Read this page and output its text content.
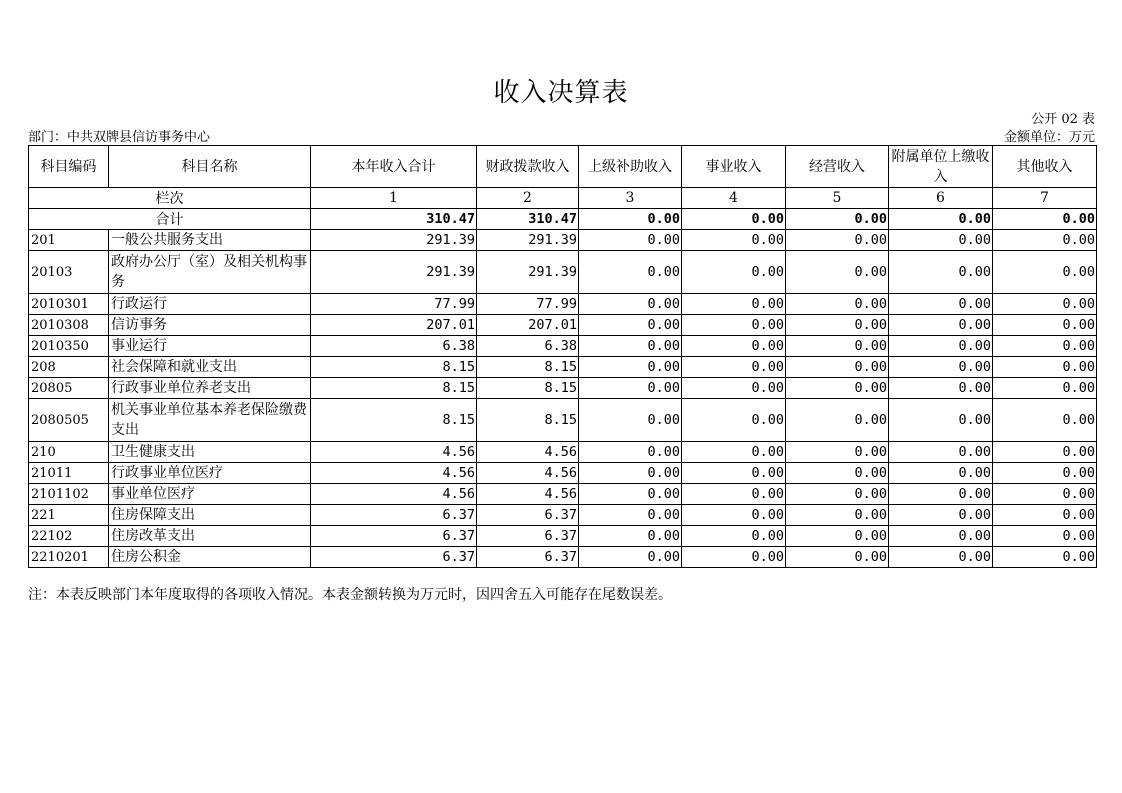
收入决算表
公开 02 表
部门：中共双牌县信访事务中心	金额单位：万元
科目编码	科目名称	本年收入合计	财政拨款收入	上级补助收入	事业收入	经营收入	附属单位上缴收入	其他收入
栏次		1	2	3	4	5	6	7
合计		310.47	310.47	0.00	0.00	0.00	0.00	0.00
201	一般公共服务支出	291.39	291.39	0.00	0.00	0.00	0.00	0.00
20103	政府办公厅（室）及相关机构事务	291.39	291.39	0.00	0.00	0.00	0.00	0.00
2010301	行政运行	77.99	77.99	0.00	0.00	0.00	0.00	0.00
2010308	信访事务	207.01	207.01	0.00	0.00	0.00	0.00	0.00
2010350	事业运行	6.38	6.38	0.00	0.00	0.00	0.00	0.00
208	社会保障和就业支出	8.15	8.15	0.00	0.00	0.00	0.00	0.00
20805	行政事业单位养老支出	8.15	8.15	0.00	0.00	0.00	0.00	0.00
2080505	机关事业单位基本养老保险缴费支出	8.15	8.15	0.00	0.00	0.00	0.00	0.00
210	卫生健康支出	4.56	4.56	0.00	0.00	0.00	0.00	0.00
21011	行政事业单位医疗	4.56	4.56	0.00	0.00	0.00	0.00	0.00
2101102	事业单位医疗	4.56	4.56	0.00	0.00	0.00	0.00	0.00
221	住房保障支出	6.37	6.37	0.00	0.00	0.00	0.00	0.00
22102	住房改革支出	6.37	6.37	0.00	0.00	0.00	0.00	0.00
2210201	住房公积金	6.37	6.37	0.00	0.00	0.00	0.00	0.00
注：本表反映部门本年度取得的各项收入情况。本表金额转换为万元时，因四舍五入可能存在尾数误差。
